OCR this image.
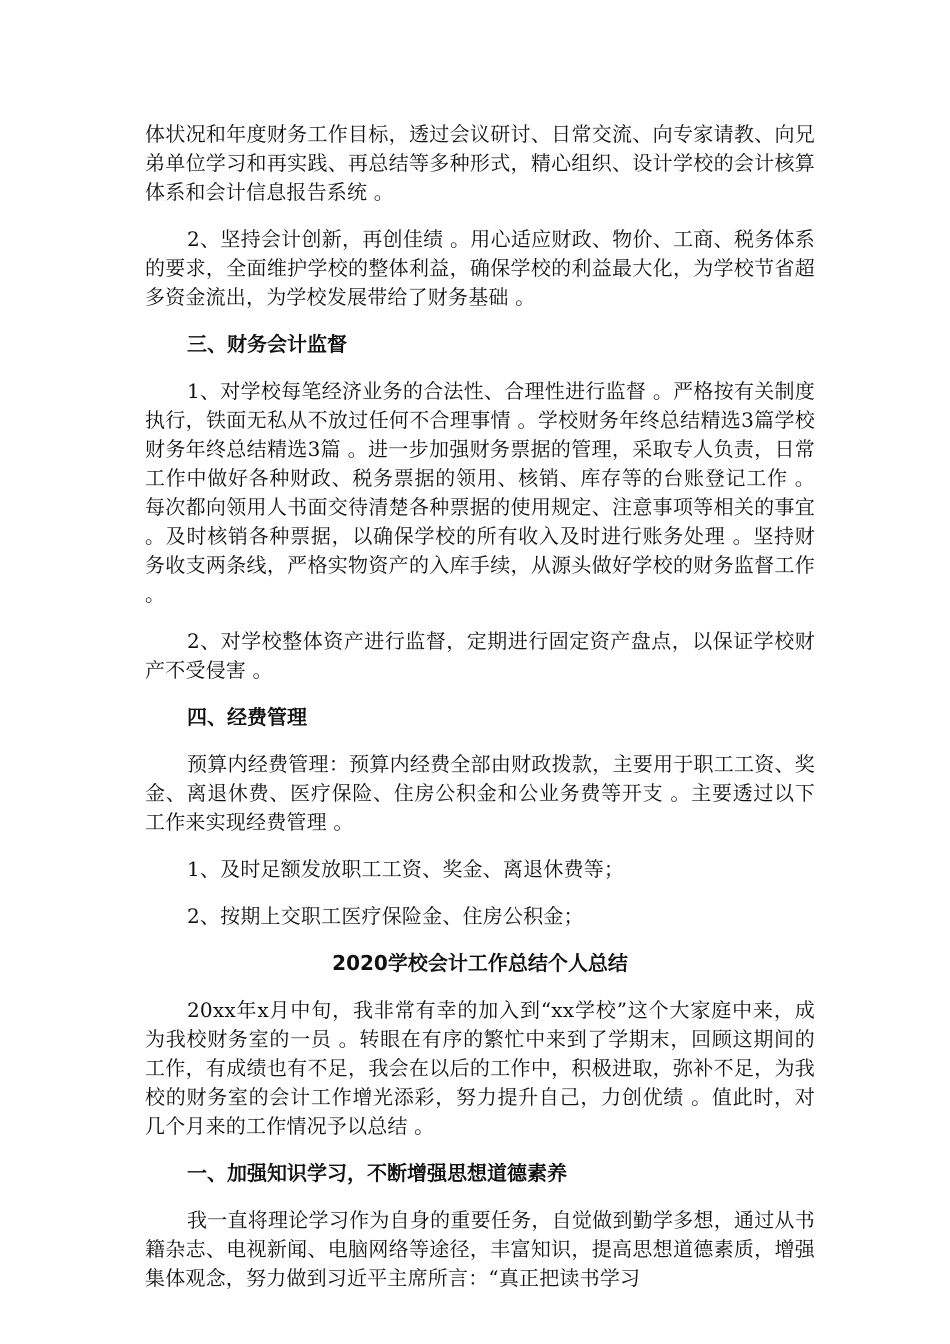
体状况和年度财务工作目标，透过会议研讨、日常交流、向专家请教、向兄弟单位学习和再实践、再总结等多种形式，精心组织、设计学校的会计核算体系和会计信息报告系统 。

2、坚持会计创新，再创佳绩 。用心适应财政、物价、工商、税务体系的要求，全面维护学校的整体利益，确保学校的利益最大化，为学校节省超多资金流出，为学校发展带给了财务基础 。

三、财务会计监督

1、对学校每笔经济业务的合法性、合理性进行监督 。严格按有关制度执行，铁面无私从不放过任何不合理事情 。学校财务年终总结精选3篇学校财务年终总结精选3篇 。进一步加强财务票据的管理，采取专人负责，日常工作中做好各种财政、税务票据的领用、核销、库存等的台账登记工作 。每次都向领用人书面交待清楚各种票据的使用规定、注意事项等相关的事宜 。及时核销各种票据，以确保学校的所有收入及时进行账务处理 。坚持财务收支两条线，严格实物资产的入库手续，从源头做好学校的财务监督工作 。

2、对学校整体资产进行监督，定期进行固定资产盘点，以保证学校财产不受侵害 。

四、经费管理

预算内经费管理：预算内经费全部由财政拨款，主要用于职工工资、奖金、离退休费、医疗保险、住房公积金和公业务费等开支 。主要透过以下工作来实现经费管理 。

1、及时足额发放职工工资、奖金、离退休费等；

2、按期上交职工医疗保险金、住房公积金；

2020学校会计工作总结个人总结

20xx年x月中旬，我非常有幸的加入到“xx学校”这个大家庭中来，成为我校财务室的一员 。转眼在有序的繁忙中来到了学期末，回顾这期间的工作，有成绩也有不足，我会在以后的工作中，积极进取，弥补不足，为我校的财务室的会计工作增光添彩，努力提升自己，力创优绩 。值此时，对几个月来的工作情况予以总结 。

一、加强知识学习，不断增强思想道德素养

我一直将理论学习作为自身的重要任务，自觉做到勤学多想，通过从书籍杂志、电视新闻、电脑网络等途径，丰富知识，提高思想道德素质，增强集体观念，努力做到习近平主席所言：“真正把读书学习
